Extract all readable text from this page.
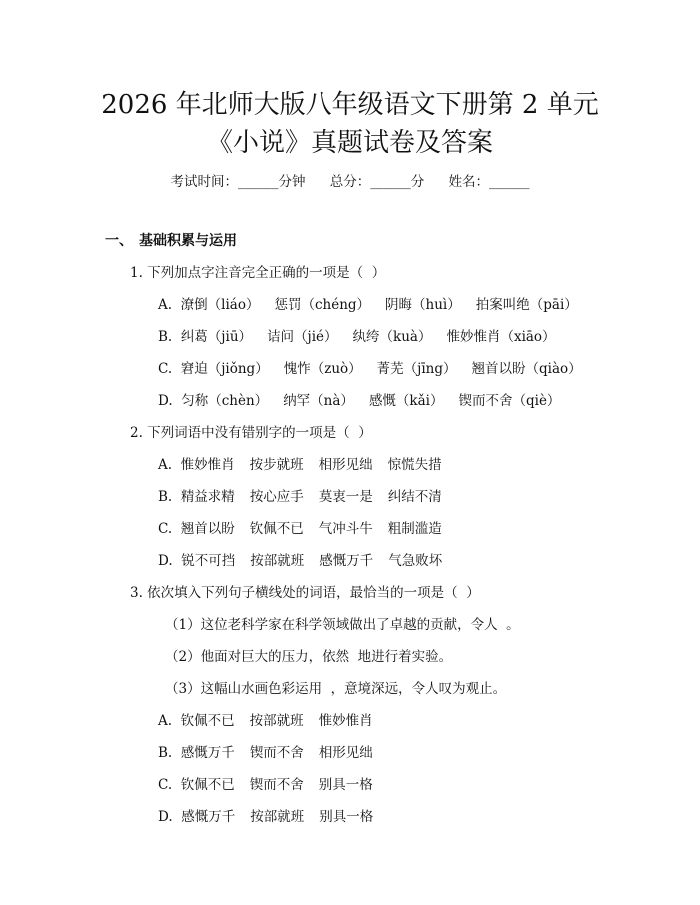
2026 年北师大版八年级语文下册第 2 单元
《小说》真题试卷及答案
考试时间：______分钟 总分：______分 姓名：______
一、 基础积累与运用
1. 下列加点字注音完全正确的一项是（  ）
A. 潦倒（liáo） 惩罚（chéng） 阴晦（huì） 拍案叫绝（pāi）
B. 纠葛（jiū） 诘问（jié） 纨绔（kuà） 惟妙惟肖（xiāo）
C. 窘迫（jiǒng） 愧怍（zuò） 菁芜（jīng） 翘首以盼（qiào）
D. 匀称（chèn） 纳罕（nà） 感慨（kǎi） 锲而不舍（qiè）
2. 下列词语中没有错别字的一项是（  ）
A. 惟妙惟肖 按步就班 相形见绌 惊慌失措
B. 精益求精 按心应手 莫衷一是 纠结不清
C. 翘首以盼 钦佩不已 气冲斗牛 粗制滥造
D. 锐不可挡 按部就班 感慨万千 气急败坏
3. 依次填入下列句子横线处的词语，最恰当的一项是（  ）
（1）这位老科学家在科学领域做出了卓越的贡献，令人  。
（2）他面对巨大的压力，依然  地进行着实验。
（3）这幅山水画色彩运用  ，意境深远，令人叹为观止。
A. 钦佩不已 按部就班 惟妙惟肖
B. 感慨万千 锲而不舍 相形见绌
C. 钦佩不已 锲而不舍 别具一格
D. 感慨万千 按部就班 别具一格
